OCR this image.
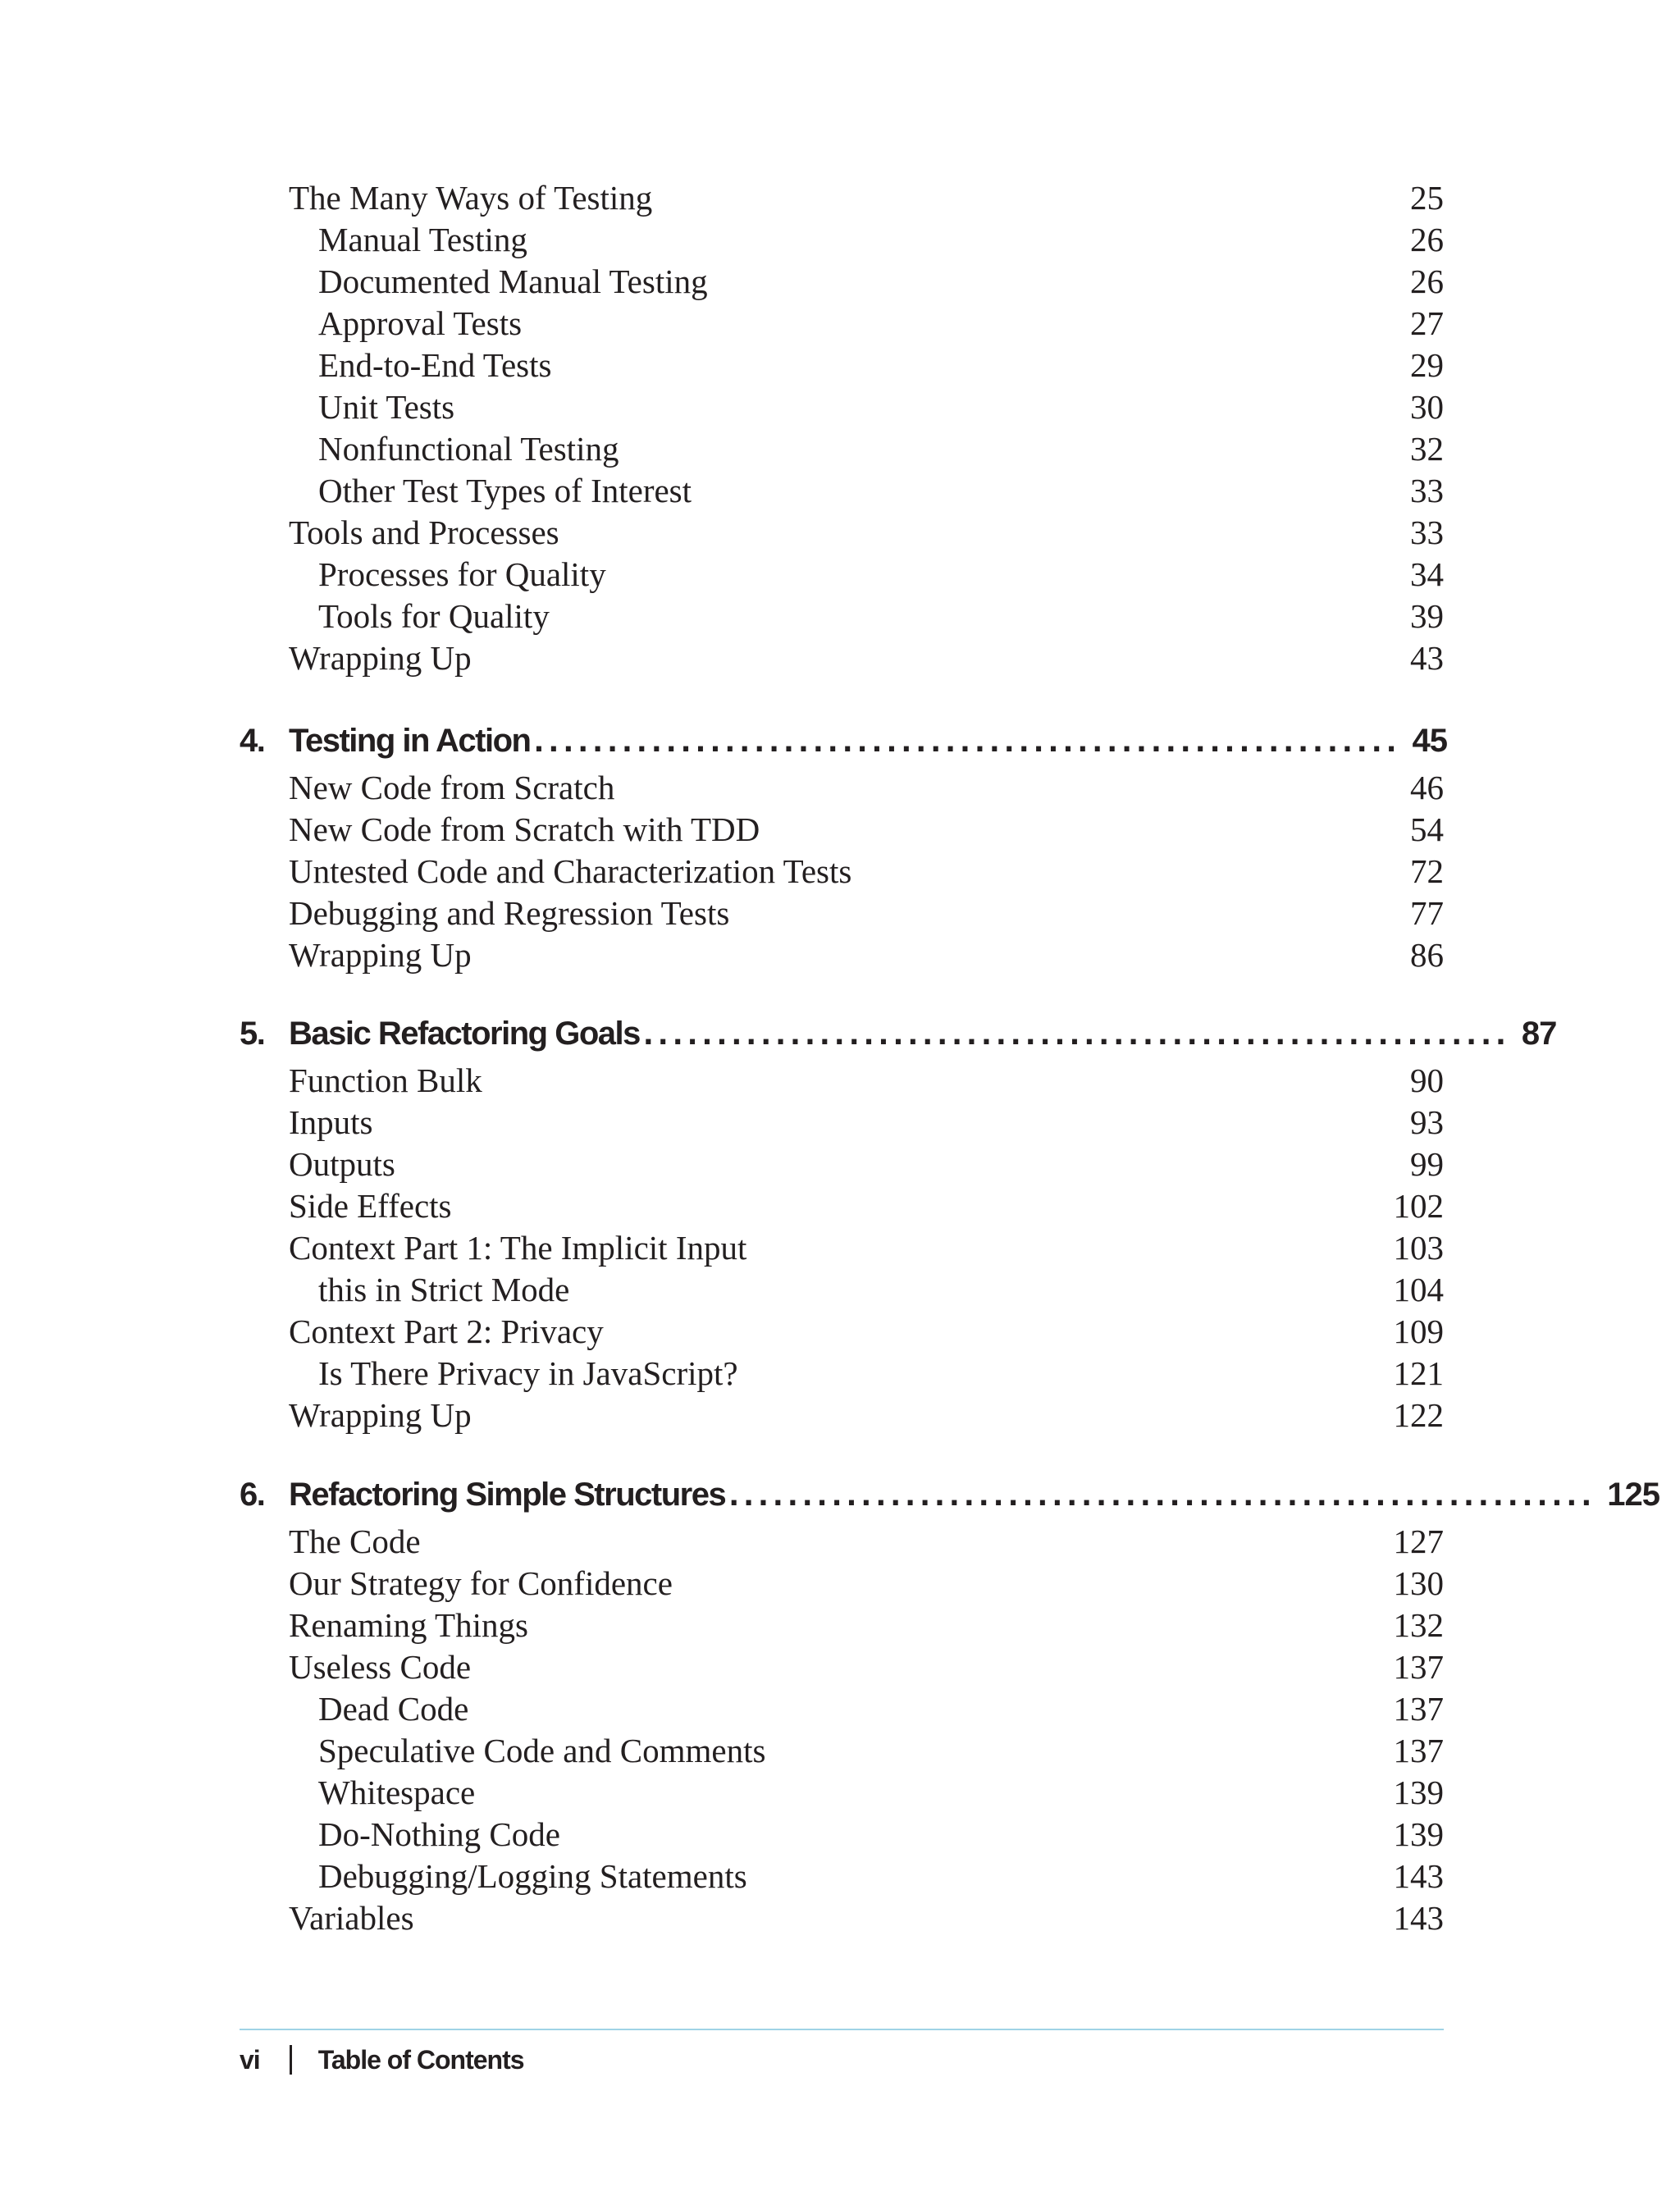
The Many Ways of Testing	25
Manual Testing	26
Documented Manual Testing	26
Approval Tests	27
End-to-End Tests	29
Unit Tests	30
Nonfunctional Testing	32
Other Test Types of Interest	33
Tools and Processes	33
Processes for Quality	34
Tools for Quality	39
Wrapping Up	43
4. Testing in Action ........................................................... 45
New Code from Scratch	46
New Code from Scratch with TDD	54
Untested Code and Characterization Tests	72
Debugging and Regression Tests	77
Wrapping Up	86
5. Basic Refactoring Goals ........................................................... 87
Function Bulk	90
Inputs	93
Outputs	99
Side Effects	102
Context Part 1: The Implicit Input	103
this in Strict Mode	104
Context Part 2: Privacy	109
Is There Privacy in JavaScript?	121
Wrapping Up	122
6. Refactoring Simple Structures ........................................................... 125
The Code	127
Our Strategy for Confidence	130
Renaming Things	132
Useless Code	137
Dead Code	137
Speculative Code and Comments	137
Whitespace	139
Do-Nothing Code	139
Debugging/Logging Statements	143
Variables	143
vi Table of Contents
